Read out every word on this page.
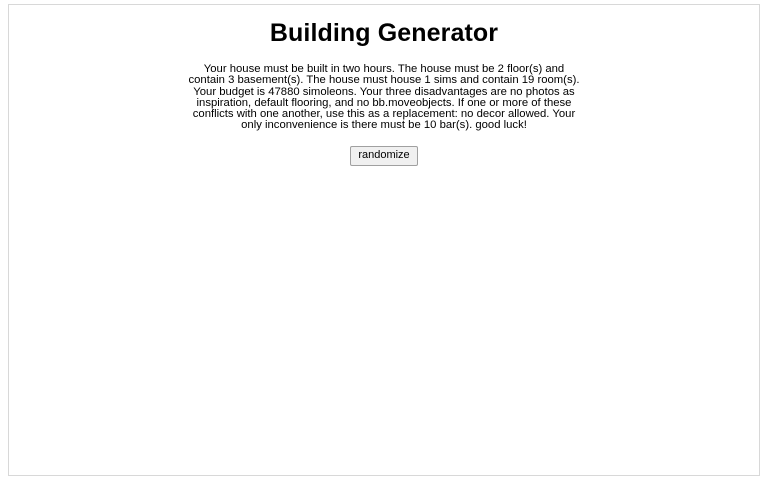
Building Generator

Your house must be built in two hours. The house must be 2 floor(s) and contain 3 basement(s). The house must house 1 sims and contain 19 room(s). Your budget is 47880 simoleons. Your three disadvantages are no photos as inspiration, default flooring, and no bb.moveobjects. If one or more of these conflicts with one another, use this as a replacement: no decor allowed. Your only inconvenience is there must be 10 bar(s). good luck!

randomize
